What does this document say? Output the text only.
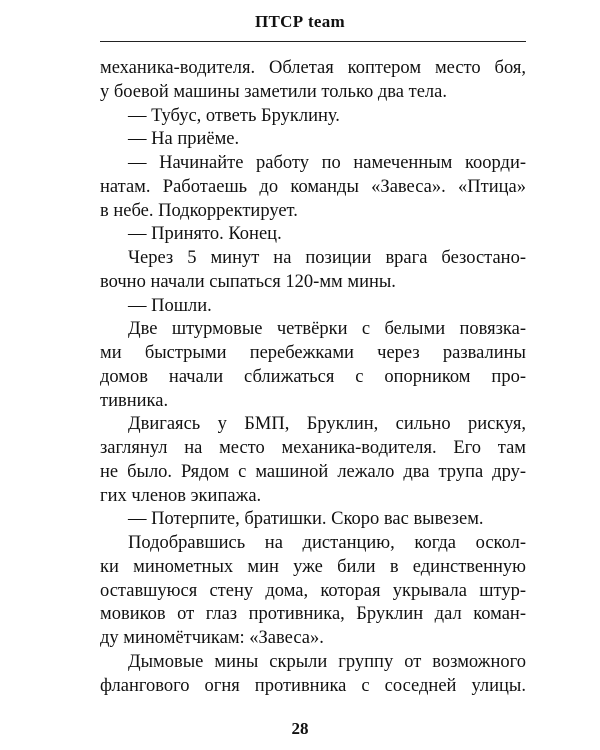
ПТСР team
механика-водителя. Облетая коптером место боя,
у боевой машины заметили только два тела.
— Тубус, ответь Бруклину.
— На приёме.
— Начинайте работу по намеченным коорди-
натам. Работаешь до команды «Завеса». «Птица»
в небе. Подкорректирует.
— Принято. Конец.
Через 5 минут на позиции врага безостано-
вочно начали сыпаться 120-мм мины.
— Пошли.
Две штурмовые четвёрки с белыми повязка-
ми быстрыми перебежками через развалины
домов начали сближаться с опорником про-
тивника.
Двигаясь у БМП, Бруклин, сильно рискуя,
заглянул на место механика-водителя. Его там
не было. Рядом с машиной лежало два трупа дру-
гих членов экипажа.
— Потерпите, братишки. Скоро вас вывезем.
Подобравшись на дистанцию, когда оскол-
ки минометных мин уже били в единственную
оставшуюся стену дома, которая укрывала штур-
мовиков от глаз противника, Бруклин дал коман-
ду миномётчикам: «Завеса».
Дымовые мины скрыли группу от возможного
флангового огня противника с соседней улицы.
28
